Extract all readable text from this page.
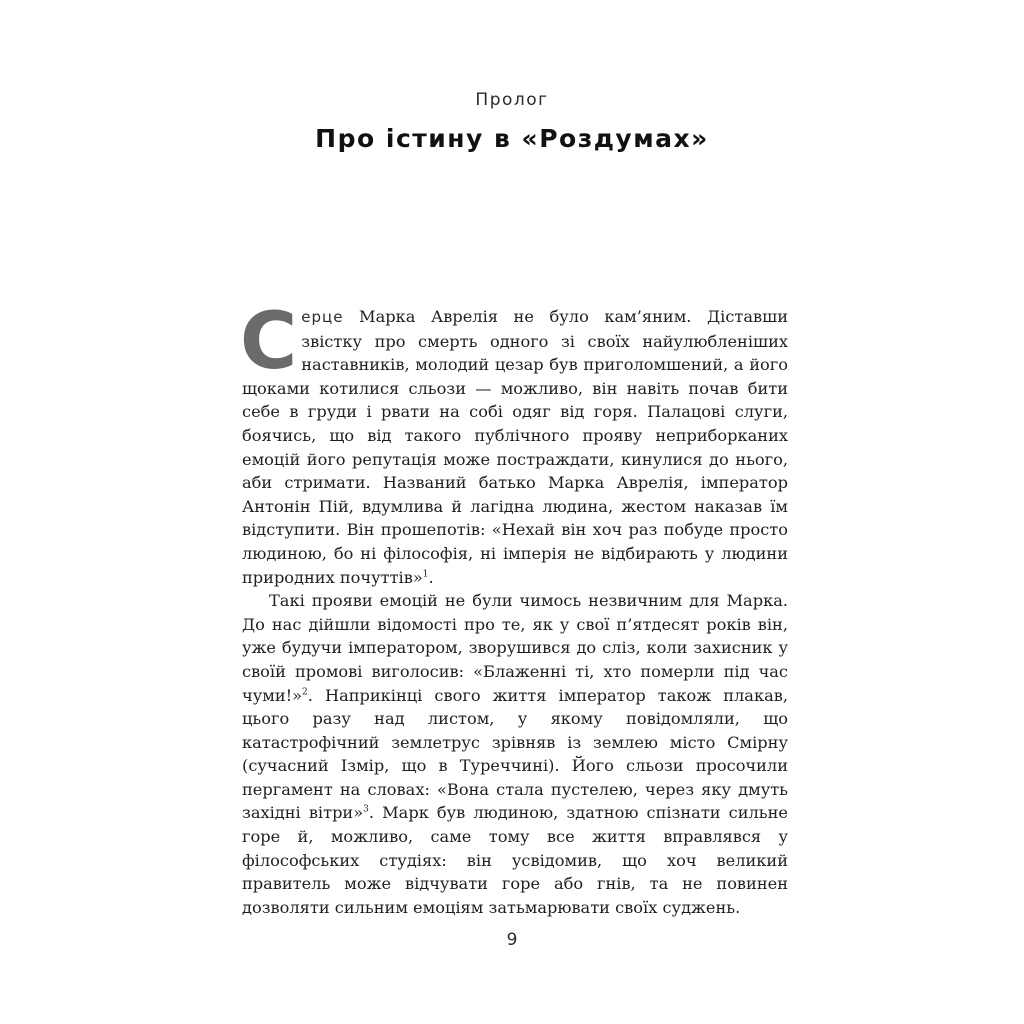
Пролог
Про істину в «Роздумах»

Серце Марка Аврелія не було кам’яним. Діставши звістку про смерть одного зі своїх найулюбленіших наставників, молодий цезар був приголомшений, а його щоками котилися сльози — можливо, він навіть почав бити себе в груди і рвати на собі одяг від горя. Палацові слуги, боячись, що від такого публічного прояву неприборканих емоцій його репутація може постраждати, кинулися до нього, аби стримати. Названий батько Марка Аврелія, імператор Антонін Пій, вдумлива й лагідна людина, жестом наказав їм відступити. Він прошепотів: «Нехай він хоч раз побуде просто людиною, бо ні філософія, ні імперія не відбирають у людини природних почуттів»$^1$.

Такі прояви емоцій не були чимось незвичним для Марка. До нас дійшли відомості про те, як у свої п’ятдесят років він, уже будучи імператором, зворушився до сліз, коли захисник у своїй промові виголосив: «Блаженні ті, хто померли під час чуми!»$^2$. Наприкінці свого життя імператор також плакав, цього разу над листом, у якому повідомляли, що катастрофічний землетрус зрівняв із землею місто Смірну (сучасний Ізмір, що в Туреччині). Його сльози просочили пергамент на словах: «Вона стала пустелею, через яку дмуть західні вітри»$^3$. Марк був людиною, здатною спізнати сильне горе й, можливо, саме тому все життя вправлявся у філософських студіях: він усвідомив, що хоч великий правитель може відчувати горе або гнів, та не повинен дозволяти сильним емоціям затьмарювати своїх суджень.

9
